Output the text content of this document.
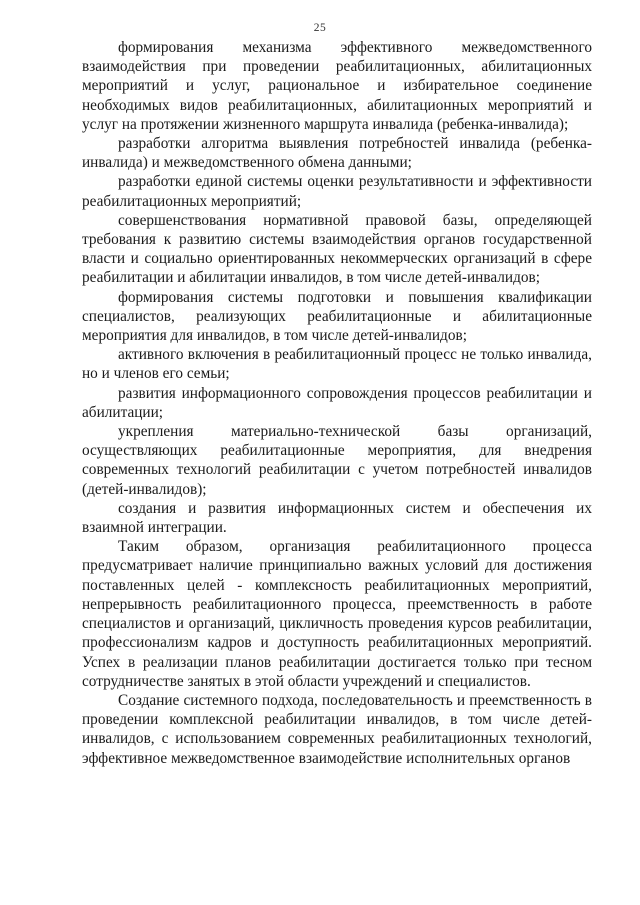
25

формирования механизма эффективного межведомственного взаимодействия при проведении реабилитационных, абилитационных мероприятий и услуг, рациональное и избирательное соединение необходимых видов реабилитационных, абилитационных мероприятий и услуг на протяжении жизненного маршрута инвалида (ребенка-инвалида);

разработки алгоритма выявления потребностей инвалида (ребенка-инвалида) и межведомственного обмена данными;

разработки единой системы оценки результативности и эффективности реабилитационных мероприятий;

совершенствования нормативной правовой базы, определяющей требования к развитию системы взаимодействия органов государственной власти и социально ориентированных некоммерческих организаций в сфере реабилитации и абилитации инвалидов, в том числе детей-инвалидов;

формирования системы подготовки и повышения квалификации специалистов, реализующих реабилитационные и абилитационные мероприятия для инвалидов, в том числе детей-инвалидов;

активного включения в реабилитационный процесс не только инвалида, но и членов его семьи;

развития информационного сопровождения процессов реабилитации и абилитации;

укрепления материально-технической базы организаций, осуществляющих реабилитационные мероприятия, для внедрения современных технологий реабилитации с учетом потребностей инвалидов (детей-инвалидов);

создания и развития информационных систем и обеспечения их взаимной интеграции.

Таким образом, организация реабилитационного процесса предусматривает наличие принципиально важных условий для достижения поставленных целей - комплексность реабилитационных мероприятий, непрерывность реабилитационного процесса, преемственность в работе специалистов и организаций, цикличность проведения курсов реабилитации, профессионализм кадров и доступность реабилитационных мероприятий. Успех в реализации планов реабилитации достигается только при тесном сотрудничестве занятых в этой области учреждений и специалистов.

Создание системного подхода, последовательность и преемственность в проведении комплексной реабилитации инвалидов, в том числе детей-инвалидов, с использованием современных реабилитационных технологий, эффективное межведомственное взаимодействие исполнительных органов
